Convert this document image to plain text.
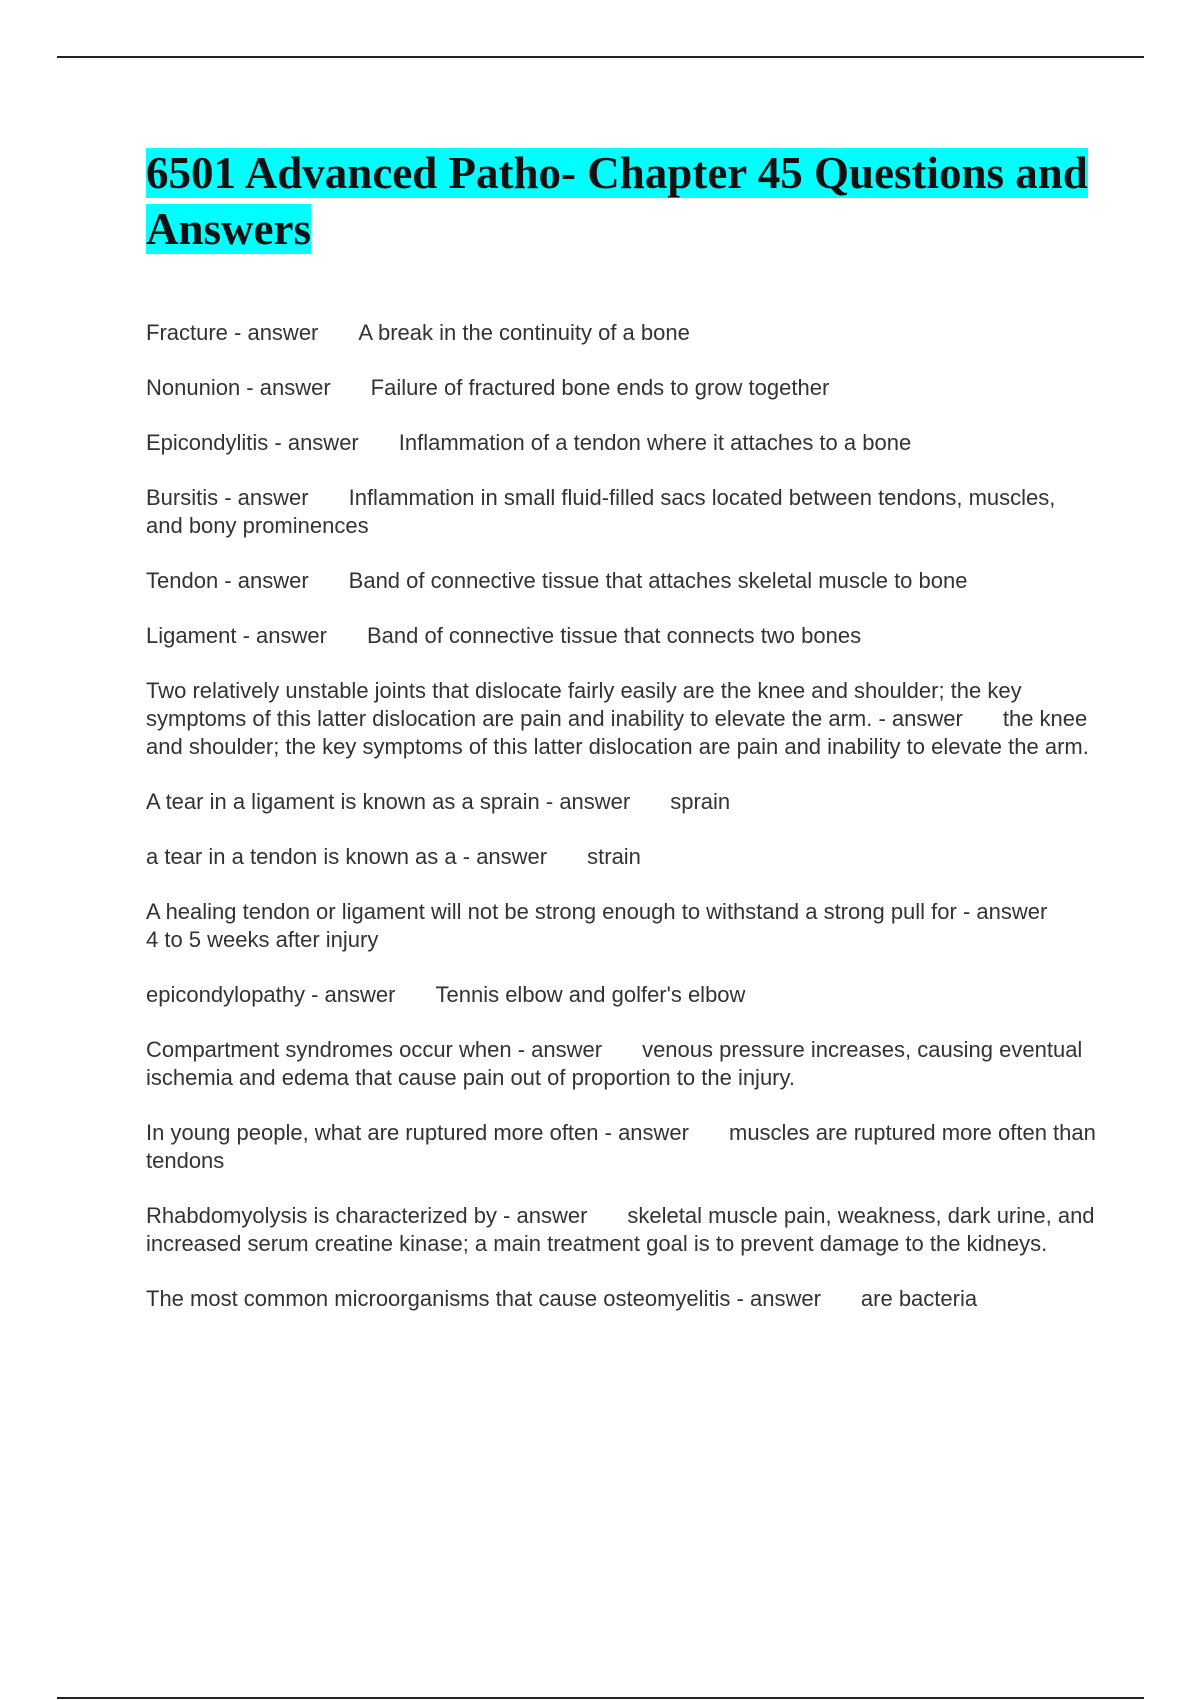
6501 Advanced Patho- Chapter 45 Questions and Answers

Fracture - answer A break in the continuity of a bone

Nonunion - answer Failure of fractured bone ends to grow together

Epicondylitis - answer Inflammation of a tendon where it attaches to a bone

Bursitis - answer Inflammation in small fluid-filled sacs located between tendons, muscles, and bony prominences

Tendon - answer Band of connective tissue that attaches skeletal muscle to bone

Ligament - answer Band of connective tissue that connects two bones

Two relatively unstable joints that dislocate fairly easily are the knee and shoulder; the key symptoms of this latter dislocation are pain and inability to elevate the arm. - answer the knee and shoulder; the key symptoms of this latter dislocation are pain and inability to elevate the arm.

A tear in a ligament is known as a sprain - answer sprain

a tear in a tendon is known as a - answer strain

A healing tendon or ligament will not be strong enough to withstand a strong pull for - answer4 to 5 weeks after injury

epicondylopathy - answer Tennis elbow and golfer's elbow

Compartment syndromes occur when - answer venous pressure increases, causing eventual ischemia and edema that cause pain out of proportion to the injury.

In young people, what are ruptured more often - answer muscles are ruptured more often than tendons

Rhabdomyolysis is characterized by - answer skeletal muscle pain, weakness, dark urine, and increased serum creatine kinase; a main treatment goal is to prevent damage to the kidneys.

The most common microorganisms that cause osteomyelitis - answer are bacteria
